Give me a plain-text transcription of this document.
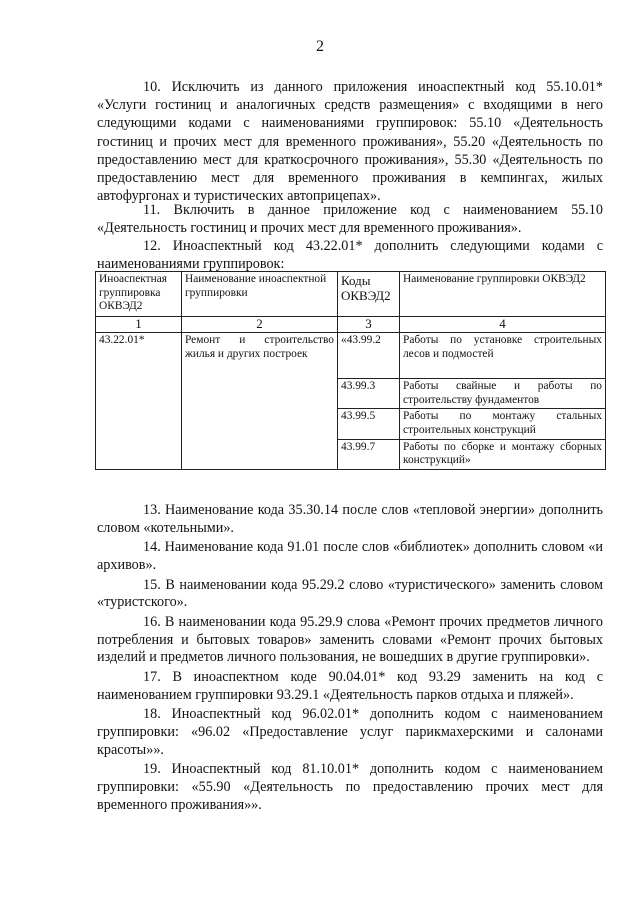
2
10. Исключить из данного приложения иноаспектный код 55.10.01* «Услуги гостиниц и аналогичных средств размещения» с входящими в него следующими кодами с наименованиями группировок: 55.10 «Деятельность гостиниц и прочих мест для временного проживания», 55.20 «Деятельность по предоставлению мест для краткосрочного проживания», 55.30 «Деятельность по предоставлению мест для временного проживания в кемпингах, жилых автофургонах и туристических автоприцепах».
11. Включить в данное приложение код с наименованием 55.10 «Деятельность гостиниц и прочих мест для временного проживания».
12. Иноаспектный код 43.22.01* дополнить следующими кодами с наименованиями группировок:
Иноаспектная группировка ОКВЭД2	Наименование иноаспектной группировки	Коды ОКВЭД2	Наименование группировки ОКВЭД2
1	2	3	4
43.22.01*	Ремонт и строительство жилья и других построек	«43.99.2	Работы по установке строительных лесов и подмостей

		43.99.3	Работы свайные и работы по строительству фундаментов
		43.99.5	Работы по монтажу стальных строительных конструкций
		43.99.7	Работы по сборке и монтажу сборных конструкций»

13. Наименование кода 35.30.14 после слов «тепловой энергии» дополнить словом «котельными».

14. Наименование кода 91.01 после слов «библиотек» дополнить словом «и архивов».

15. В наименовании кода 95.29.2 слово «туристического» заменить словом «туристского».

16. В наименовании кода 95.29.9 слова «Ремонт прочих предметов личного потребления и бытовых товаров» заменить словами «Ремонт прочих бытовых изделий и предметов личного пользования, не вошедших в другие группировки».

17. В иноаспектном коде 90.04.01* код 93.29 заменить на код с наименованием группировки 93.29.1 «Деятельность парков отдыха и пляжей».

18. Иноаспектный код 96.02.01* дополнить кодом с наименованием группировки: «96.02 «Предоставление услуг парикмахерскими и салонами красоты»».

19. Иноаспектный код 81.10.01* дополнить кодом с наименованием группировки: «55.90 «Деятельность по предоставлению прочих мест для временного проживания»».
